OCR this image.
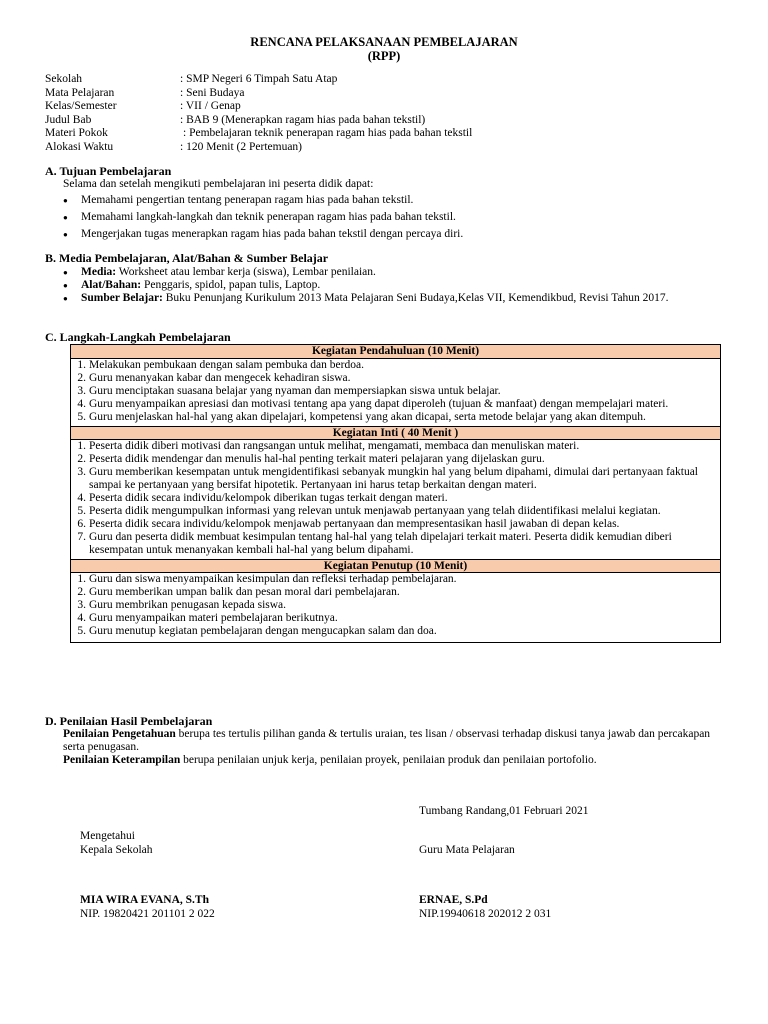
RENCANA PELAKSANAAN PEMBELAJARAN
(RPP)
Sekolah	: SMP Negeri 6 Timpah Satu Atap
Mata Pelajaran	: Seni Budaya
Kelas/Semester	: VII / Genap
Judul Bab	: BAB 9 (Menerapkan ragam hias pada bahan tekstil)
Materi Pokok	: Pembelajaran teknik penerapan ragam hias pada bahan tekstil
Alokasi Waktu	: 120 Menit (2 Pertemuan)
A. Tujuan Pembelajaran
Selama dan setelah mengikuti pembelajaran ini peserta didik dapat:
● Memahami pengertian tentang penerapan ragam hias pada bahan tekstil.
● Memahami langkah-langkah dan teknik penerapan ragam hias pada bahan tekstil.
● Mengerjakan tugas menerapkan ragam hias pada bahan tekstil dengan percaya diri.
B. Media Pembelajaran, Alat/Bahan & Sumber Belajar
● Media: Worksheet atau lembar kerja (siswa), Lembar penilaian.
● Alat/Bahan: Penggaris, spidol, papan tulis, Laptop.
● Sumber Belajar: Buku Penunjang Kurikulum 2013 Mata Pelajaran Seni Budaya,Kelas VII, Kemendikbud, Revisi Tahun 2017.
C. Langkah-Langkah Pembelajaran
Kegiatan Pendahuluan (10 Menit)
1. Melakukan pembukaan dengan salam pembuka dan berdoa.
2. Guru menanyakan kabar dan mengecek kehadiran siswa.
3. Guru menciptakan suasana belajar yang nyaman dan mempersiapkan siswa untuk belajar.
4. Guru menyampaikan apresiasi dan motivasi tentang apa yang dapat diperoleh (tujuan & manfaat) dengan mempelajari materi.
5. Guru menjelaskan hal-hal yang akan dipelajari, kompetensi yang akan dicapai, serta metode belajar yang akan ditempuh.
Kegiatan Inti ( 40 Menit )
1. Peserta didik diberi motivasi dan rangsangan untuk melihat, mengamati, membaca dan menuliskan materi.
2. Peserta didik mendengar dan menulis hal-hal penting terkait materi pelajaran yang dijelaskan guru.
3. Guru memberikan kesempatan untuk mengidentifikasi sebanyak mungkin hal yang belum dipahami, dimulai dari pertanyaan faktual sampai ke pertanyaan yang bersifat hipotetik. Pertanyaan ini harus tetap berkaitan dengan materi.
4. Peserta didik secara individu/kelompok diberikan tugas terkait dengan materi.
5. Peserta didik mengumpulkan informasi yang relevan untuk menjawab pertanyaan yang telah diidentifikasi melalui kegiatan.
6. Peserta didik secara individu/kelompok menjawab pertanyaan dan mempresentasikan hasil jawaban di depan kelas.
7. Guru dan peserta didik membuat kesimpulan tentang hal-hal yang telah dipelajari terkait materi. Peserta didik kemudian diberi kesempatan untuk menanyakan kembali hal-hal yang belum dipahami.
Kegiatan Penutup (10 Menit)
1. Guru dan siswa menyampaikan kesimpulan dan refleksi terhadap pembelajaran.
2. Guru memberikan umpan balik dan pesan moral dari pembelajaran.
3. Guru membrikan penugasan kepada siswa.
4. Guru menyampaikan materi pembelajaran berikutnya.
5. Guru menutup kegiatan pembelajaran dengan mengucapkan salam dan doa.
D. Penilaian Hasil Pembelajaran
Penilaian Pengetahuan berupa tes tertulis pilihan ganda & tertulis uraian, tes lisan / observasi terhadap diskusi tanya jawab dan percakapan serta penugasan.
Penilaian Keterampilan berupa penilaian unjuk kerja, penilaian proyek, penilaian produk dan penilaian portofolio.
Tumbang Randang,01 Februari 2021
Mengetahui
Kepala Sekolah	Guru Mata Pelajaran
MIA WIRA EVANA, S.Th
NIP. 19820421 201101 2 022
ERNAE, S.Pd
NIP.19940618 202012 2 031
